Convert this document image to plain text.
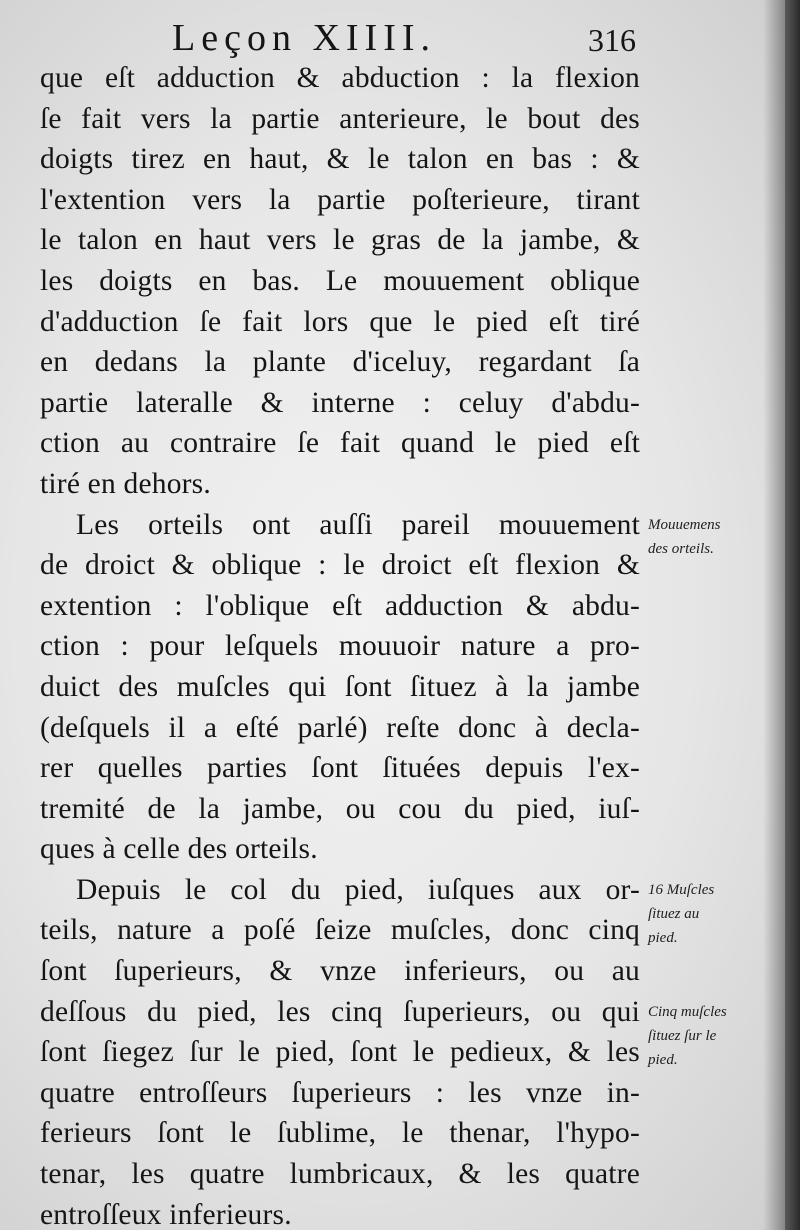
Leçon XIIII.	316
que eſt adduction & abduction : la flexion
ſe fait vers la partie anterieure, le bout des
doigts tirez en haut, & le talon en bas : &
l'extention vers la partie poſterieure, tirant
le talon en haut vers le gras de la jambe, &
les doigts en bas. Le mouuement oblique
d'adduction ſe fait lors que le pied eſt tiré
en dedans la plante d'iceluy, regardant ſa
partie lateralle & interne : celuy d'abdu-
ction au contraire ſe fait quand le pied eſt
tiré en dehors.
Les orteils ont auſſi pareil mouuement
de droict & oblique : le droict eſt flexion &
extention : l'oblique eſt adduction & abdu-
ction : pour leſquels mouuoir nature a pro-
duict des muſcles qui ſont ſituez à la jambe
(deſquels il a eſté parlé) reſte donc à decla-
rer quelles parties ſont ſituées depuis l'ex-
tremité de la jambe, ou cou du pied, iuſ-
ques à celle des orteils.
Depuis le col du pied, iuſques aux or-
teils, nature a poſé ſeize muſcles, donc cinq
ſont ſuperieurs, & vnze inferieurs, ou au
deſſous du pied, les cinq ſuperieurs, ou qui
ſont ſiegez ſur le pied, ſont le pedieux, & les
quatre entroſſeurs ſuperieurs : les vnze in-
ferieurs ſont le ſublime, le thenar, l'hypo-
tenar, les quatre lumbricaux, & les quatre
entroſſeux inferieurs.
Mouuemens
des orteils.
16 Muſcles
ſituez au
pied.
Cinq muſcles
ſituez ſur le
pied.
